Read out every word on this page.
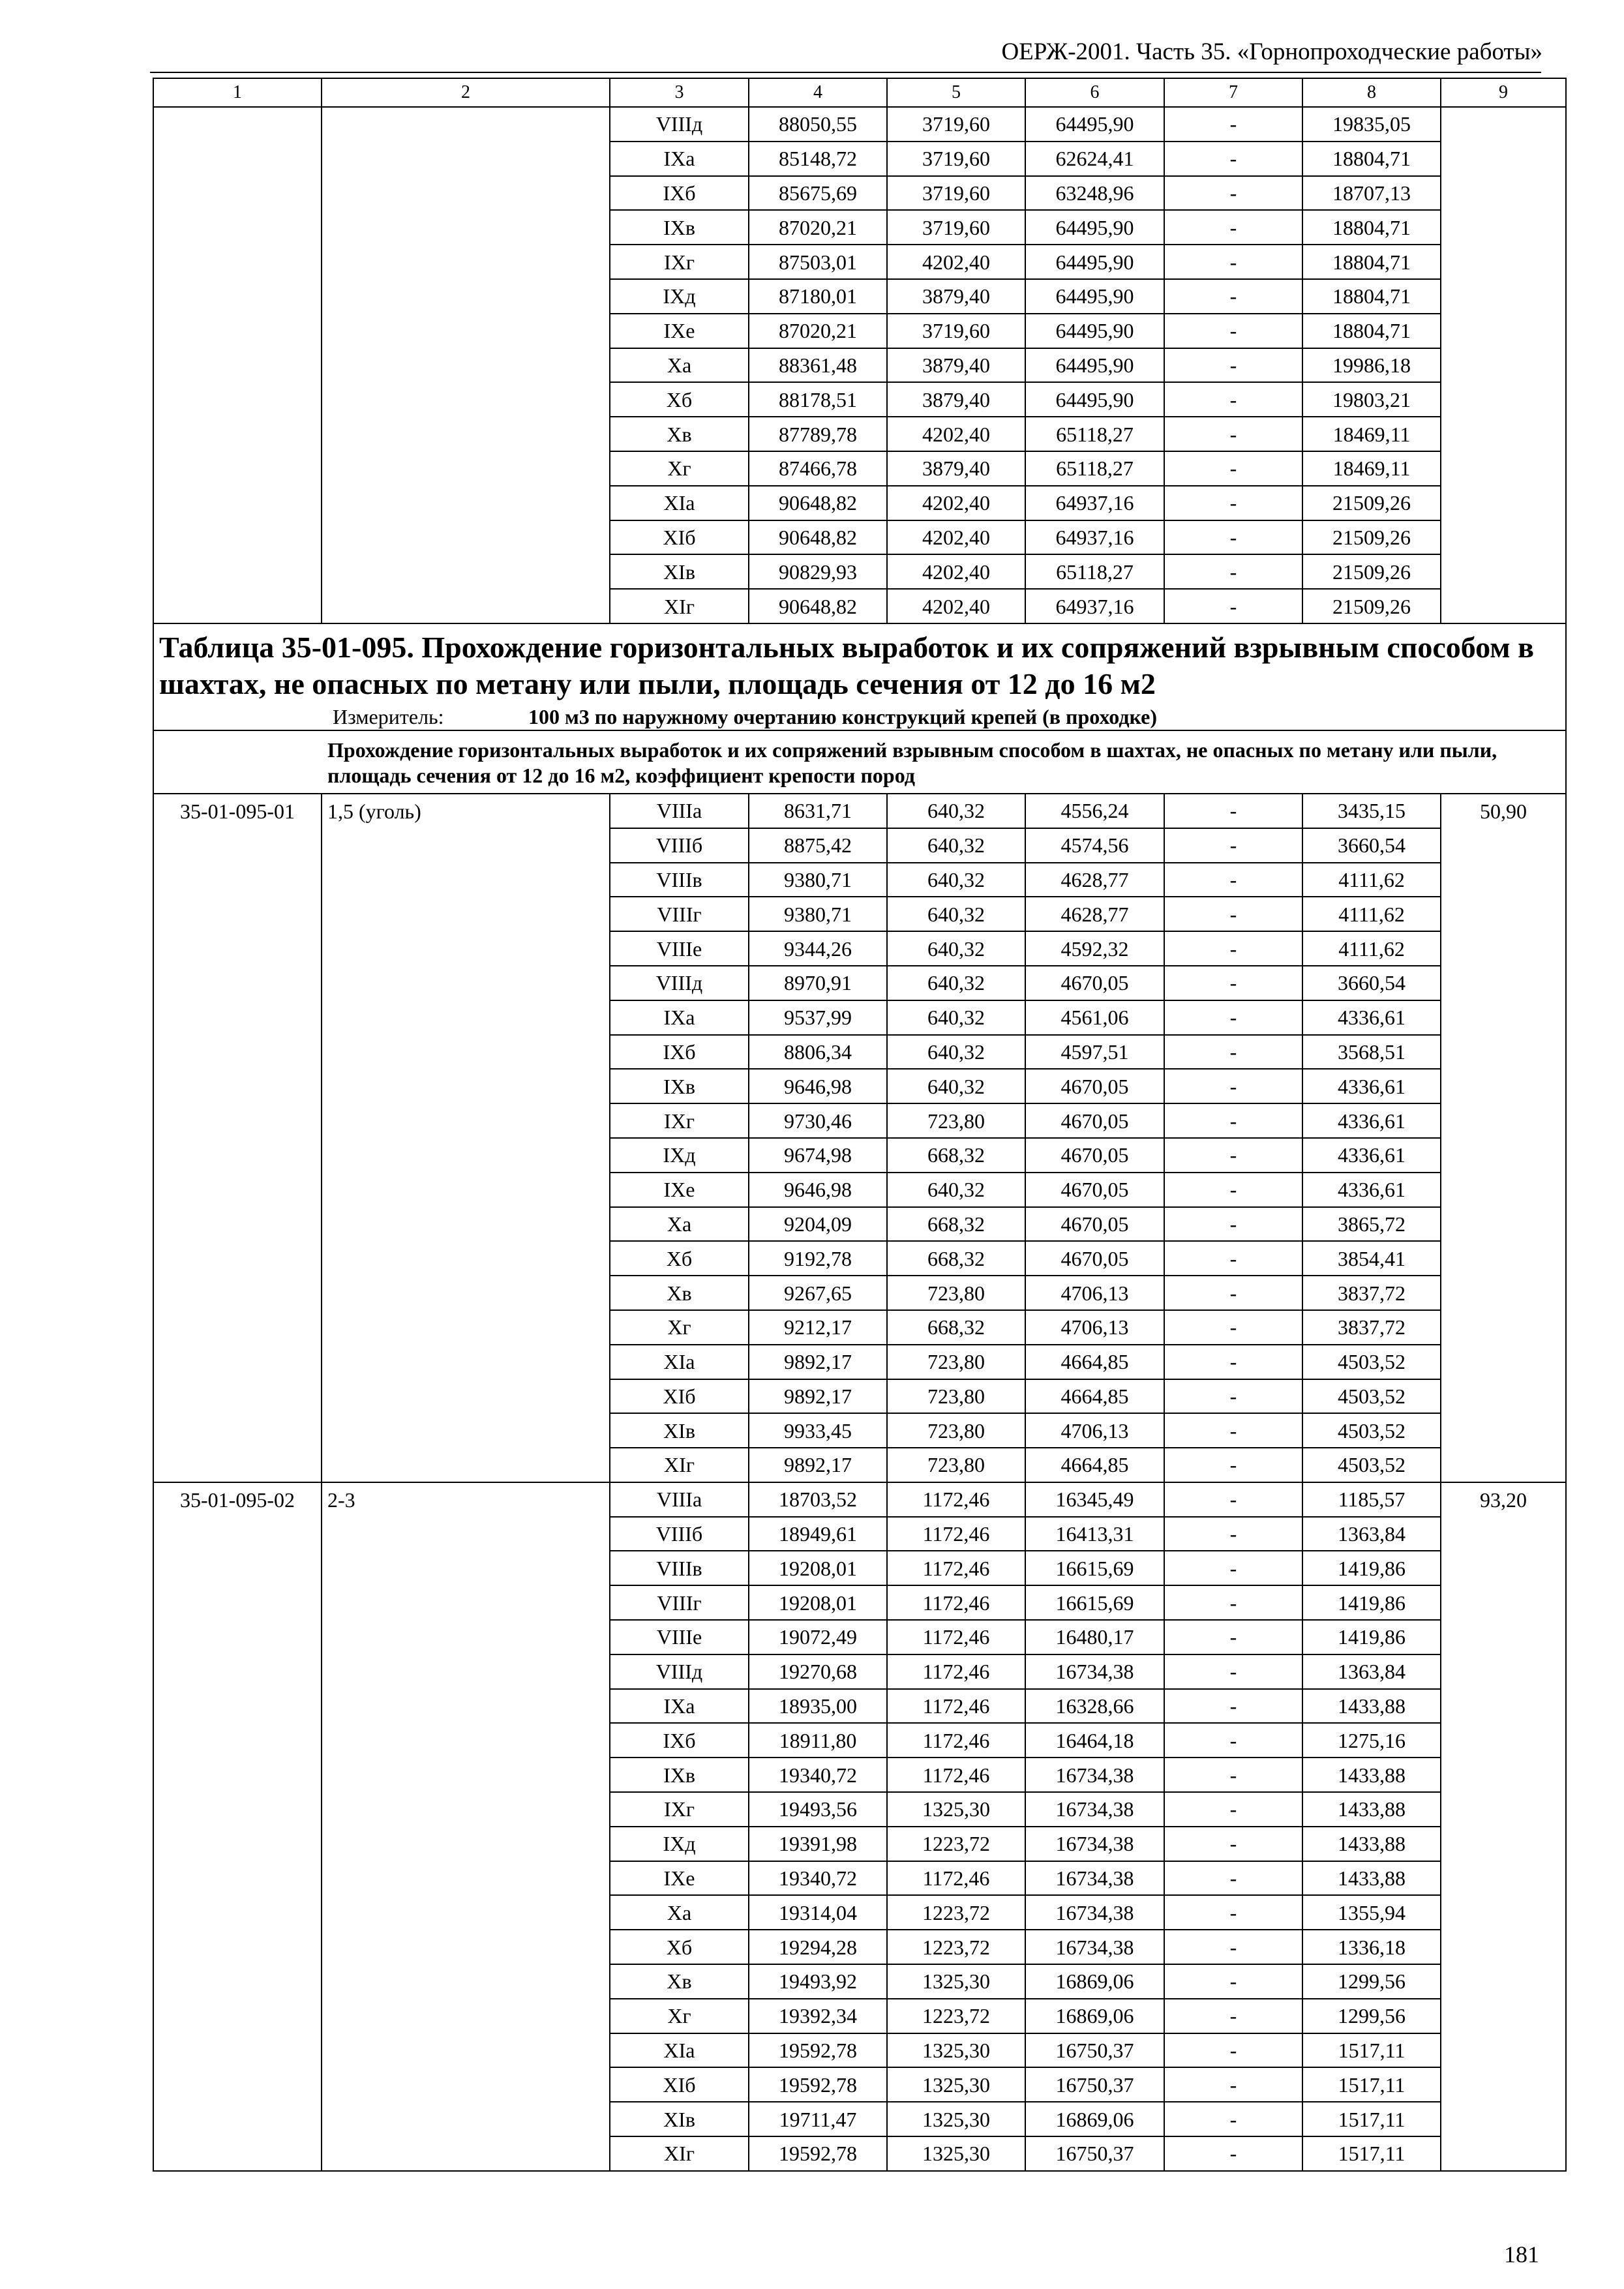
ОЕРЖ-2001. Часть 35. «Горнопроходческие работы»
1	2	3	4	5	6	7	8	9
		VIIIд	88050,55	3719,60	64495,90	-	19835,05	
		IXа	85148,72	3719,60	62624,41	-	18804,71	
		IXб	85675,69	3719,60	63248,96	-	18707,13	
		IXв	87020,21	3719,60	64495,90	-	18804,71	
		IXг	87503,01	4202,40	64495,90	-	18804,71	
		IXд	87180,01	3879,40	64495,90	-	18804,71	
		IXе	87020,21	3719,60	64495,90	-	18804,71	
		Xа	88361,48	3879,40	64495,90	-	19986,18	
		Xб	88178,51	3879,40	64495,90	-	19803,21	
		Xв	87789,78	4202,40	65118,27	-	18469,11	
		Xг	87466,78	3879,40	65118,27	-	18469,11	
		XIа	90648,82	4202,40	64937,16	-	21509,26	
		XIб	90648,82	4202,40	64937,16	-	21509,26	
		XIв	90829,93	4202,40	65118,27	-	21509,26	
		XIг	90648,82	4202,40	64937,16	-	21509,26	

Таблица 35-01-095. Прохождение горизонтальных выработок и их сопряжений взрывным способом в шахтах, не опасных по метану или пыли, площадь сечения от 12 до 16 м2
Измеритель: 100 м3 по наружному очертанию конструкций крепей (в проходке)								

Прохождение горизонтальных выработок и их сопряжений взрывным способом в шахтах, не опасных по метану или пыли, площадь сечения от 12 до 16 м2, коэффициент крепости пород								
35-01-095-01	1,5 (уголь)	VIIIа	8631,71	640,32	4556,24	-	3435,15	50,90
		VIIIб	8875,42	640,32	4574,56	-	3660,54	
		VIIIв	9380,71	640,32	4628,77	-	4111,62	
		VIIIг	9380,71	640,32	4628,77	-	4111,62	
		VIIIе	9344,26	640,32	4592,32	-	4111,62	
		VIIIд	8970,91	640,32	4670,05	-	3660,54	
		IXа	9537,99	640,32	4561,06	-	4336,61	
		IXб	8806,34	640,32	4597,51	-	3568,51	
		IXв	9646,98	640,32	4670,05	-	4336,61	
		IXг	9730,46	723,80	4670,05	-	4336,61	
		IXд	9674,98	668,32	4670,05	-	4336,61	
		IXе	9646,98	640,32	4670,05	-	4336,61	
		Xа	9204,09	668,32	4670,05	-	3865,72	
		Xб	9192,78	668,32	4670,05	-	3854,41	
		Xв	9267,65	723,80	4706,13	-	3837,72	
		Xг	9212,17	668,32	4706,13	-	3837,72	
		XIа	9892,17	723,80	4664,85	-	4503,52	
		XIб	9892,17	723,80	4664,85	-	4503,52	
		XIв	9933,45	723,80	4706,13	-	4503,52	
		XIг	9892,17	723,80	4664,85	-	4503,52	
35-01-095-02	2-3	VIIIа	18703,52	1172,46	16345,49	-	1185,57	93,20
		VIIIб	18949,61	1172,46	16413,31	-	1363,84	
		VIIIв	19208,01	1172,46	16615,69	-	1419,86	
		VIIIг	19208,01	1172,46	16615,69	-	1419,86	
		VIIIе	19072,49	1172,46	16480,17	-	1419,86	
		VIIIд	19270,68	1172,46	16734,38	-	1363,84	
		IXа	18935,00	1172,46	16328,66	-	1433,88	
		IXб	18911,80	1172,46	16464,18	-	1275,16	
		IXв	19340,72	1172,46	16734,38	-	1433,88	
		IXг	19493,56	1325,30	16734,38	-	1433,88	
		IXд	19391,98	1223,72	16734,38	-	1433,88	
		IXе	19340,72	1172,46	16734,38	-	1433,88	
		Xа	19314,04	1223,72	16734,38	-	1355,94	
		Xб	19294,28	1223,72	16734,38	-	1336,18	
		Xв	19493,92	1325,30	16869,06	-	1299,56	
		Xг	19392,34	1223,72	16869,06	-	1299,56	
		XIа	19592,78	1325,30	16750,37	-	1517,11	
		XIб	19592,78	1325,30	16750,37	-	1517,11	
		XIв	19711,47	1325,30	16869,06	-	1517,11	
		XIг	19592,78	1325,30	16750,37	-	1517,11	
181
